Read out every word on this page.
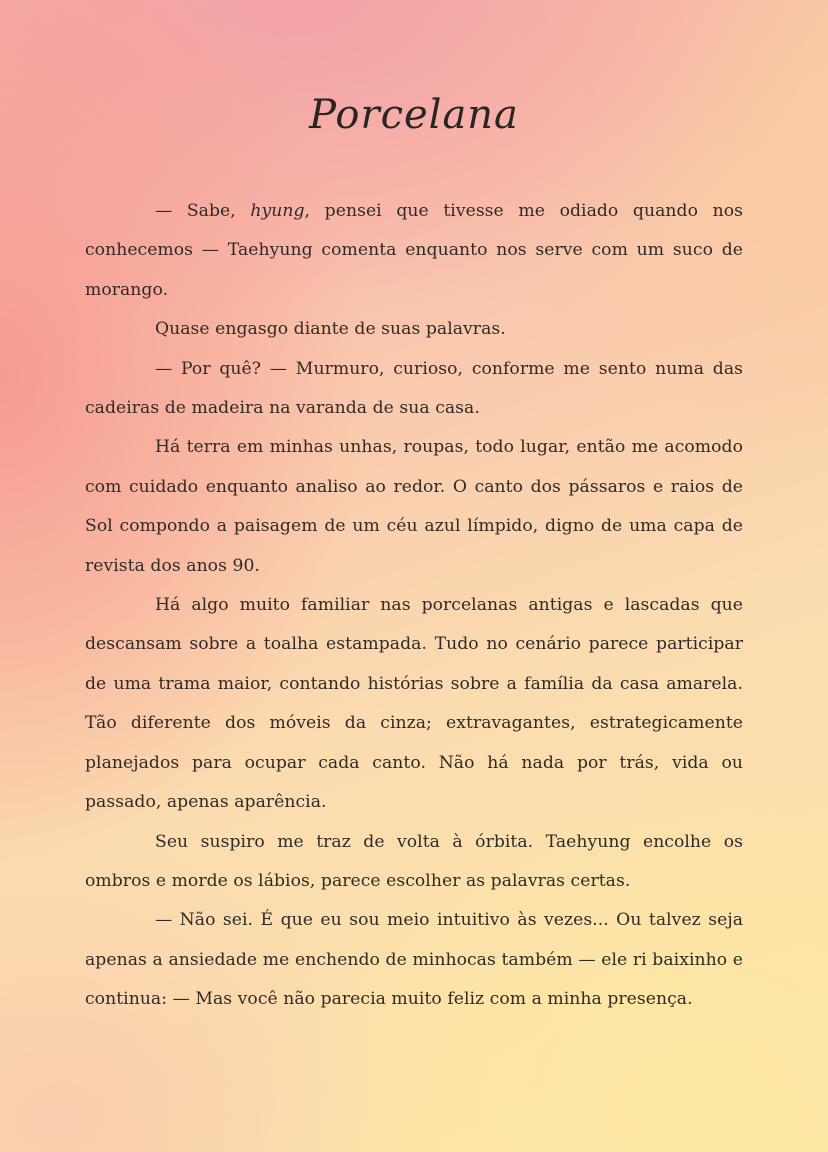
Porcelana

— Sabe, hyung, pensei que tivesse me odiado quando nos conhecemos — Taehyung comenta enquanto nos serve com um suco de morango.

Quase engasgo diante de suas palavras.

— Por quê? — Murmuro, curioso, conforme me sento numa das cadeiras de madeira na varanda de sua casa.

Há terra em minhas unhas, roupas, todo lugar, então me acomodo com cuidado enquanto analiso ao redor. O canto dos pássaros e raios de Sol compondo a paisagem de um céu azul límpido, digno de uma capa de revista dos anos 90.

Há algo muito familiar nas porcelanas antigas e lascadas que descansam sobre a toalha estampada. Tudo no cenário parece participar de uma trama maior, contando histórias sobre a família da casa amarela. Tão diferente dos móveis da cinza; extravagantes, estrategicamente planejados para ocupar cada canto. Não há nada por trás, vida ou passado, apenas aparência.

Seu suspiro me traz de volta à órbita. Taehyung encolhe os ombros e morde os lábios, parece escolher as palavras certas.

— Não sei. É que eu sou meio intuitivo às vezes... Ou talvez seja apenas a ansiedade me enchendo de minhocas também — ele ri baixinho e continua: — Mas você não parecia muito feliz com a minha presença.
